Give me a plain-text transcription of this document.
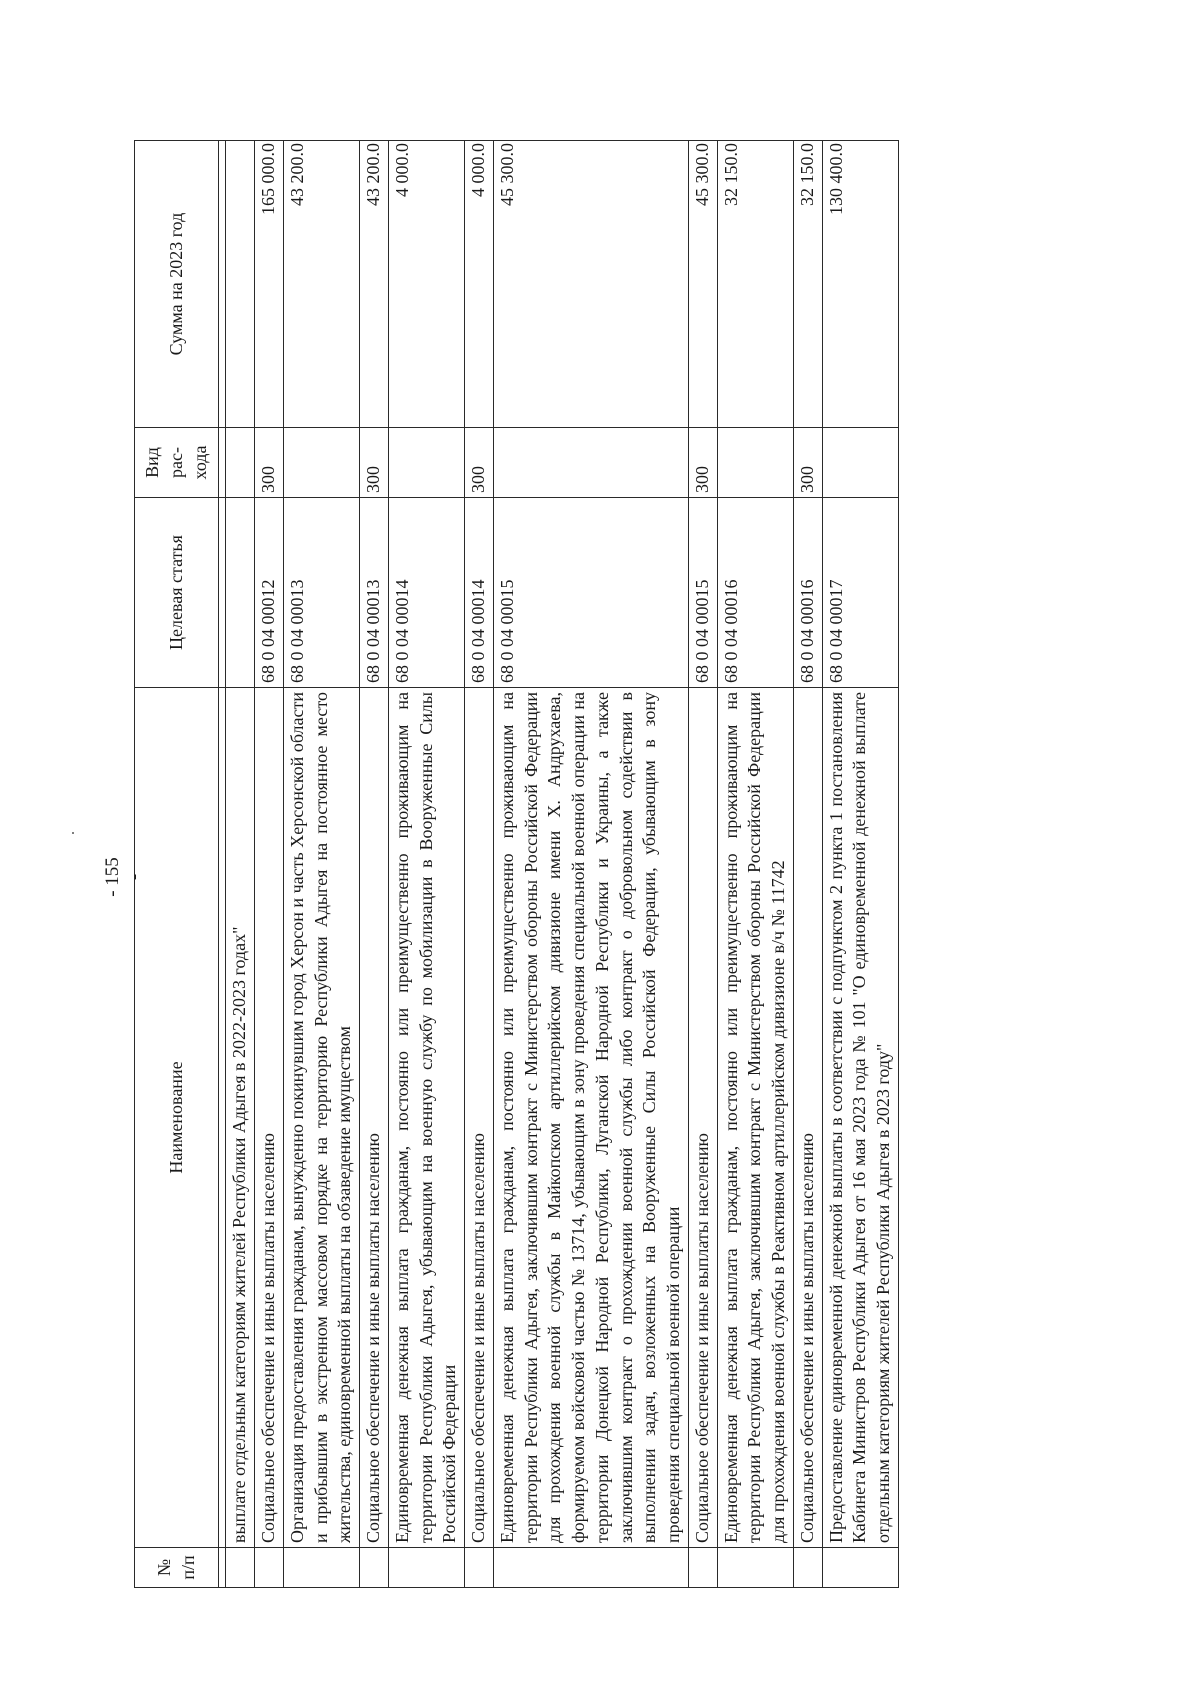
- 155 -
№ п/п	Наименование	Целевая статья	Вид рас-хода	Сумма на 2023 год

	выплате отдельным категориям жителей Республики Адыгея в 2022-2023 годах"			
	Социальное обеспечение и иные выплаты населению	68 0 04 00012	300	165 000.0
	Организация предоставления гражданам, вынужденно покинувшим город Херсон и часть Херсонской области и прибывшим в экстренном массовом порядке на территорию Республики Адыгея на постоянное место жительства, единовременной выплаты на обзаведение имуществом	68 0 04 00013		43 200.0
	Социальное обеспечение и иные выплаты населению	68 0 04 00013	300	43 200.0
	Единовременная денежная выплата гражданам, постоянно или преимущественно проживающим на территории Республики Адыгея, убывающим на военную службу по мобилизации в Вооруженные Силы Российской Федерации	68 0 04 00014		4 000.0
	Социальное обеспечение и иные выплаты населению	68 0 04 00014	300	4 000.0
	Единовременная денежная выплата гражданам, постоянно или преимущественно проживающим на территории Республики Адыгея, заключившим контракт с Министерством обороны Российской Федерации для прохождения военной службы в Майкопском артиллерийском дивизионе имени Х. Андрухаева, формируемом войсковой частью № 13714, убывающим в зону проведения специальной военной операции на территории Донецкой Народной Республики, Луганской Народной Республики и Украины, а также заключившим контракт о прохождении военной службы либо контракт о добровольном содействии в выполнении задач, возложенных на Вооруженные Силы Российской Федерации, убывающим в зону проведения специальной военной операции	68 0 04 00015		45 300.0
	Социальное обеспечение и иные выплаты населению	68 0 04 00015	300	45 300.0
	Единовременная денежная выплата гражданам, постоянно или преимущественно проживающим на территории Республики Адыгея, заключившим контракт с Министерством обороны Российской Федерации для прохождения военной службы в Реактивном артиллерийском дивизионе в/ч № 11742	68 0 04 00016		32 150.0
	Социальное обеспечение и иные выплаты населению	68 0 04 00016	300	32 150.0
	Предоставление единовременной денежной выплаты в соответствии с подпунктом 2 пункта 1 постановления Кабинета Министров Республики Адыгея от 16 мая 2023 года № 101 "О единовременной денежной выплате отдельным категориям жителей Республики Адыгея в 2023 году"	68 0 04 00017		130 400.0
